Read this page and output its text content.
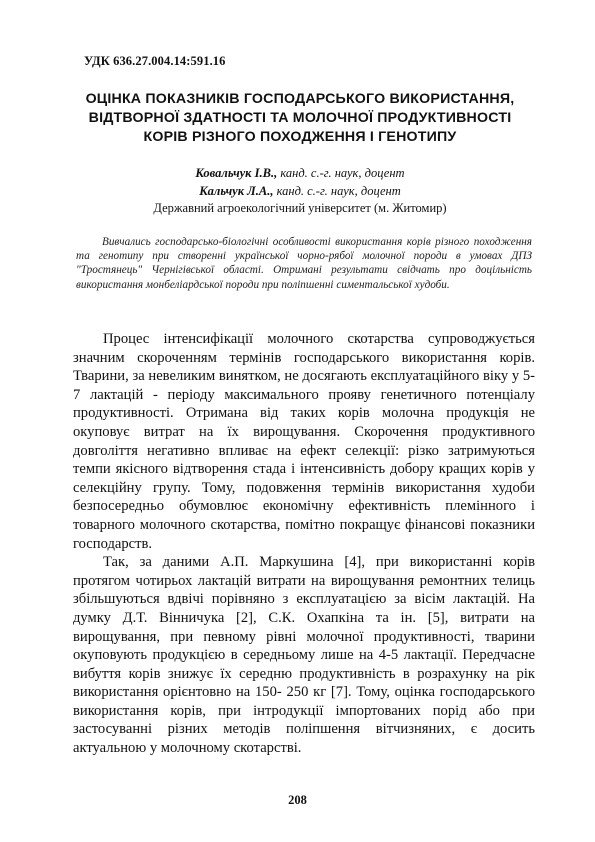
УДК 636.27.004.14:591.16
ОЦІНКА ПОКАЗНИКІВ ГОСПОДАРСЬКОГО ВИКОРИСТАННЯ,
ВІДТВОРНОЇ ЗДАТНОСТІ ТА МОЛОЧНОЇ ПРОДУКТИВНОСТІ
КОРІВ РІЗНОГО ПОХОДЖЕННЯ І ГЕНОТИПУ
Ковальчук І.В., канд. с.-г. наук, доцент
Кальчук Л.А., канд. с.-г. наук, доцент
Державний агроекологічний університет (м. Житомир)
Вивчались господарсько-біологічні особливості використання корів різного походження та генотипу при створенні української чорно-рябої молочної породи в умовах ДПЗ "Тростянець" Чернігівської області. Отримані результати свідчать про доцільність використання монбеліардської породи при поліпшенні симентальської худоби.

Процес інтенсифікації молочного скотарства супроводжується значним скороченням термінів господарського використання корів. Тварини, за невеликим винятком, не досягають експлуатаційного віку у 5-7 лактацій - періоду максимального прояву генетичного потенціалу продуктивності. Отримана від таких корів молочна продукція не окуповує витрат на їх вирощування. Скорочення продуктивного довголіття негативно впливає на ефект селекції: різко затримуються темпи якісного відтворення стада і інтенсивність добору кращих корів у селекційну групу. Тому, подовження термінів використання худоби безпосередньо обумовлює економічну ефективність племінного і товарного молочного скотарства, помітно покращує фінансові показники господарств.

Так, за даними А.П. Маркушина [4], при використанні корів протягом чотирьох лактацій витрати на вирощування ремонтних телиць збільшуються вдвічі порівняно з експлуатацією за вісім лактацій. На думку Д.Т. Вінничука [2], С.К. Охапкіна та ін. [5], витрати на вирощування, при певному рівні молочної продуктивності, тварини окуповують продукцією в середньому лише на 4-5 лактації. Передчасне вибуття корів знижує їх середню продуктивність в розрахунку на рік використання орієнтовно на 150- 250 кг [7]. Тому, оцінка господарського використання корів, при інтродукції імпортованих порід або при застосуванні різних методів поліпшення вітчизняних, є досить актуальною у молочному скотарстві.

208
